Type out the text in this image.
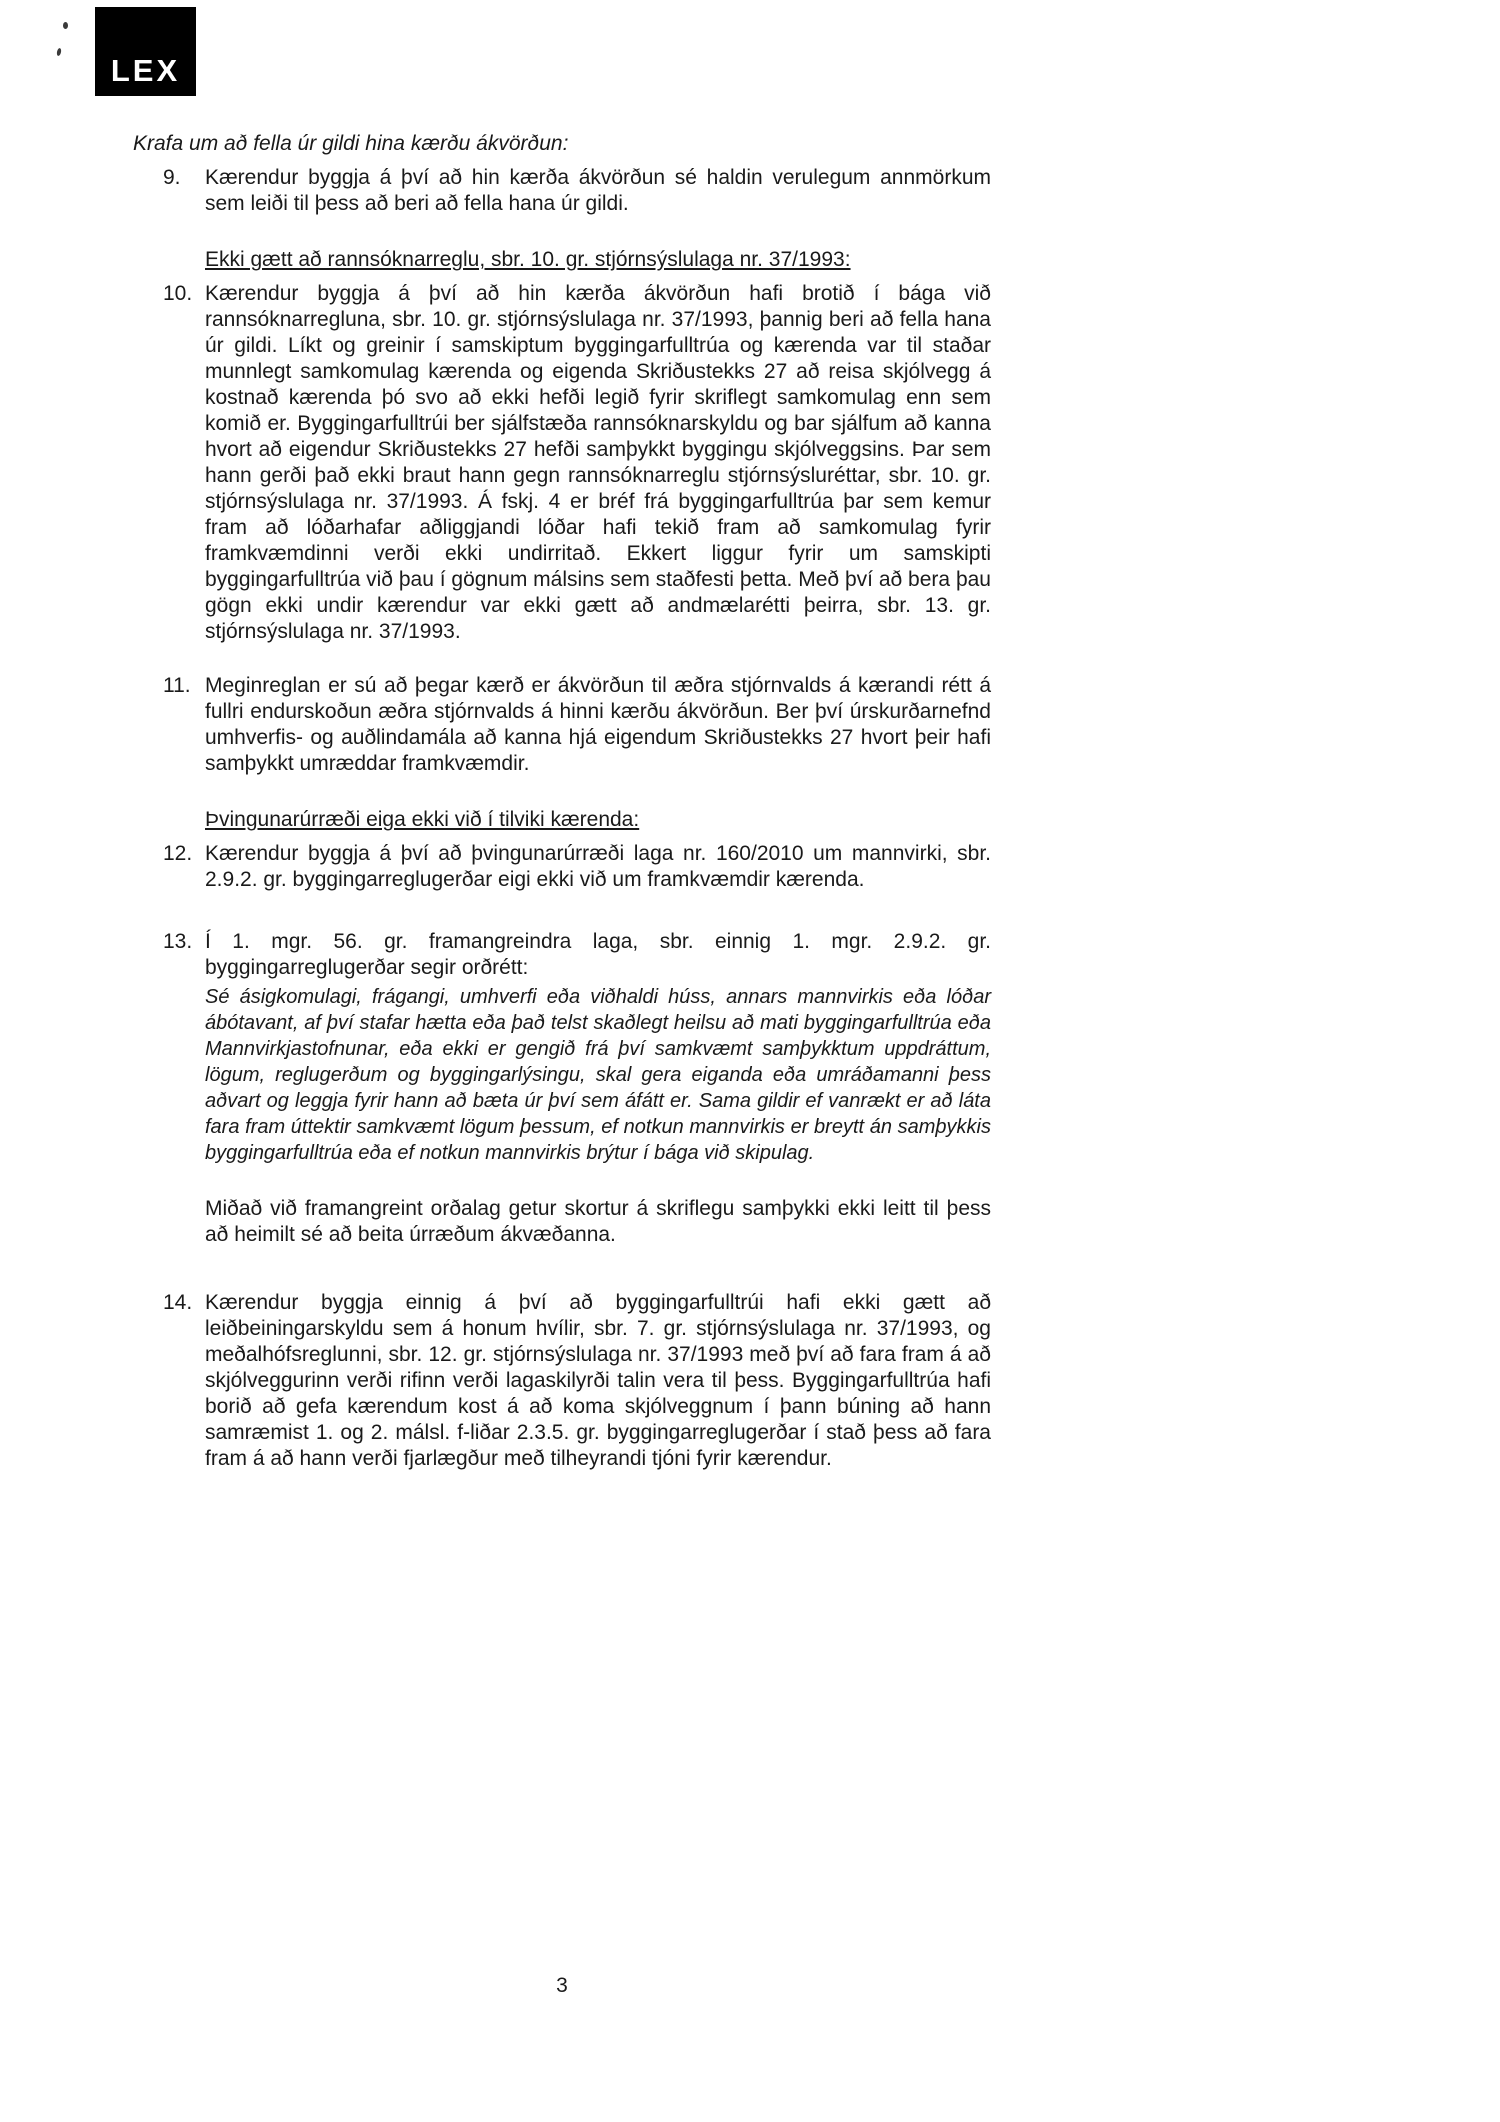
LEX

Krafa um að fella úr gildi hina kærðu ákvörðun:

9. Kærendur byggja á því að hin kærða ákvörðun sé haldin verulegum annmörkum sem leiði til þess að beri að fella hana úr gildi.

Ekki gætt að rannsóknarreglu, sbr. 10. gr. stjórnsýslulaga nr. 37/1993:

10. Kærendur byggja á því að hin kærða ákvörðun hafi brotið í bága við rannsóknarregluna, sbr. 10. gr. stjórnsýslulaga nr. 37/1993, þannig beri að fella hana úr gildi. Líkt og greinir í samskiptum byggingarfulltrúa og kærenda var til staðar munnlegt samkomulag kærenda og eigenda Skriðustekks 27 að reisa skjólvegg á kostnað kærenda þó svo að ekki hefði legið fyrir skriflegt samkomulag enn sem komið er. Byggingarfulltrúi ber sjálfstæða rannsóknarskyldu og bar sjálfum að kanna hvort að eigendur Skriðustekks 27 hefði samþykkt byggingu skjólveggsins. Þar sem hann gerði það ekki braut hann gegn rannsóknarreglu stjórnsýsluréttar, sbr. 10. gr. stjórnsýslulaga nr. 37/1993. Á fskj. 4 er bréf frá byggingarfulltrúa þar sem kemur fram að lóðarhafar aðliggjandi lóðar hafi tekið fram að samkomulag fyrir framkvæmdinni verði ekki undirritað. Ekkert liggur fyrir um samskipti byggingarfulltrúa við þau í gögnum málsins sem staðfesti þetta. Með því að bera þau gögn ekki undir kærendur var ekki gætt að andmælarétti þeirra, sbr. 13. gr. stjórnsýslulaga nr. 37/1993.
11. Meginreglan er sú að þegar kærð er ákvörðun til æðra stjórnvalds á kærandi rétt á fullri endurskoðun æðra stjórnvalds á hinni kærðu ákvörðun. Ber því úrskurðarnefnd umhverfis- og auðlindamála að kanna hjá eigendum Skriðustekks 27 hvort þeir hafi samþykkt umræddar framkvæmdir.

Þvingunarúrræði eiga ekki við í tilviki kærenda:

12. Kærendur byggja á því að þvingunarúrræði laga nr. 160/2010 um mannvirki, sbr. 2.9.2. gr. byggingarreglugerðar eigi ekki við um framkvæmdir kærenda.
13. Í 1. mgr. 56. gr. framangreindra laga, sbr. einnig 1. mgr. 2.9.2. gr. byggingarreglugerðar segir orðrétt:

Sé ásigkomulagi, frágangi, umhverfi eða viðhaldi húss, annars mannvirkis eða lóðar ábótavant, af því stafar hætta eða það telst skaðlegt heilsu að mati byggingarfulltrúa eða Mannvirkjastofnunar, eða ekki er gengið frá því samkvæmt samþykktum uppdráttum, lögum, reglugerðum og byggingarlýsingu, skal gera eiganda eða umráðamanni þess aðvart og leggja fyrir hann að bæta úr því sem áfátt er. Sama gildir ef vanrækt er að láta fara fram úttektir samkvæmt lögum þessum, ef notkun mannvirkis er breytt án samþykkis byggingarfulltrúa eða ef notkun mannvirkis brýtur í bága við skipulag.

Miðað við framangreint orðalag getur skortur á skriflegu samþykki ekki leitt til þess að heimilt sé að beita úrræðum ákvæðanna.

14. Kærendur byggja einnig á því að byggingarfulltrúi hafi ekki gætt að leiðbeiningarskyldu sem á honum hvílir, sbr. 7. gr. stjórnsýslulaga nr. 37/1993, og meðalhófsreglunni, sbr. 12. gr. stjórnsýslulaga nr. 37/1993 með því að fara fram á að skjólveggurinn verði rifinn verði lagaskilyrði talin vera til þess. Byggingarfulltrúa hafi borið að gefa kærendum kost á að koma skjólveggnum í þann búning að hann samræmist 1. og 2. málsl. f-liðar 2.3.5. gr. byggingarreglugerðar í stað þess að fara fram á að hann verði fjarlægður með tilheyrandi tjóni fyrir kærendur.
3
